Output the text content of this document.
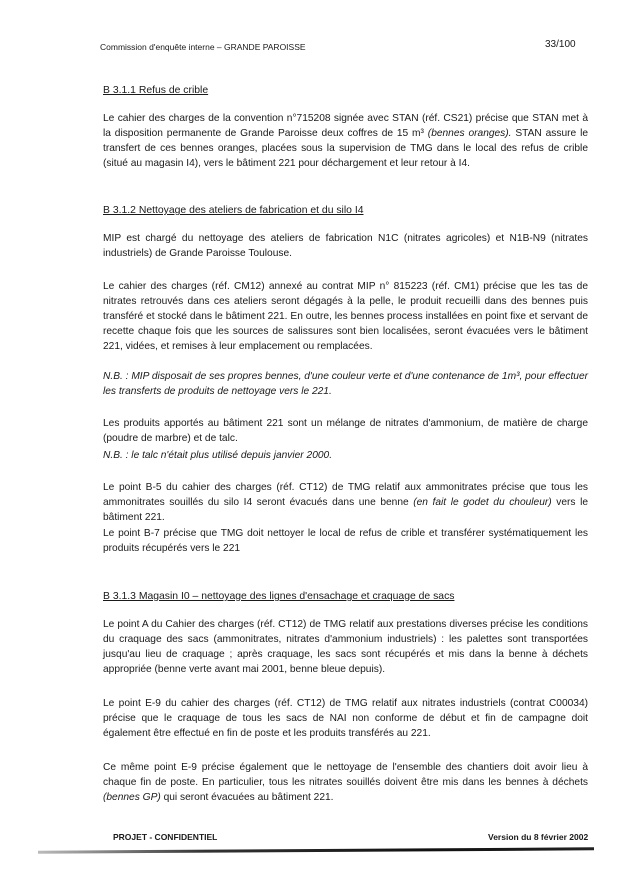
Commission d'enquête interne – GRANDE PAROISSE	33/100
B 3.1.1 Refus de crible

Le cahier des charges de la convention n°715208 signée avec STAN (réf. CS21) précise que STAN met à la disposition permanente de Grande Paroisse deux coffres de 15 m³ (bennes oranges). STAN assure le transfert de ces bennes oranges, placées sous la supervision de TMG dans le local des refus de crible (situé au magasin I4), vers le bâtiment 221 pour déchargement et leur retour à I4.

B 3.1.2 Nettoyage des ateliers de fabrication et du silo I4

MIP est chargé du nettoyage des ateliers de fabrication N1C (nitrates agricoles) et N1B-N9 (nitrates industriels) de Grande Paroisse Toulouse.

Le cahier des charges (réf. CM12) annexé au contrat MIP n° 815223 (réf. CM1) précise que les tas de nitrates retrouvés dans ces ateliers seront dégagés à la pelle, le produit recueilli dans des bennes puis transféré et stocké dans le bâtiment 221. En outre, les bennes process installées en point fixe et servant de recette chaque fois que les sources de salissures sont bien localisées, seront évacuées vers le bâtiment 221, vidées, et remises à leur emplacement ou remplacées.

N.B. : MIP disposait de ses propres bennes, d'une couleur verte et d'une contenance de 1m³, pour effectuer les transferts de produits de nettoyage vers le 221.

Les produits apportés au bâtiment 221 sont un mélange de nitrates d'ammonium, de matière de charge (poudre de marbre) et de talc.

N.B. : le talc n'était plus utilisé depuis janvier 2000.

Le point B-5 du cahier des charges (réf. CT12) de TMG relatif aux ammonitrates précise que tous les ammonitrates souillés du silo I4 seront évacués dans une benne (en fait le godet du chouleur) vers le bâtiment 221.

Le point B-7 précise que TMG doit nettoyer le local de refus de crible et transférer systématiquement les produits récupérés vers le 221

B 3.1.3 Magasin I0 – nettoyage des lignes d'ensachage et craquage de sacs

Le point A du Cahier des charges (réf. CT12) de TMG relatif aux prestations diverses précise les conditions du craquage des sacs (ammonitrates, nitrates d'ammonium industriels) : les palettes sont transportées jusqu'au lieu de craquage ; après craquage, les sacs sont récupérés et mis dans la benne à déchets appropriée (benne verte avant mai 2001, benne bleue depuis).

Le point E-9 du cahier des charges (réf. CT12) de TMG relatif aux nitrates industriels (contrat C00034) précise que le craquage de tous les sacs de NAI non conforme de début et fin de campagne doit également être effectué en fin de poste et les produits transférés au 221.

Ce même point E-9 précise également que le nettoyage de l'ensemble des chantiers doit avoir lieu à chaque fin de poste. En particulier, tous les nitrates souillés doivent être mis dans les bennes à déchets (bennes GP) qui seront évacuées au bâtiment 221.

PROJET - CONFIDENTIEL	Version du 8 février 2002
